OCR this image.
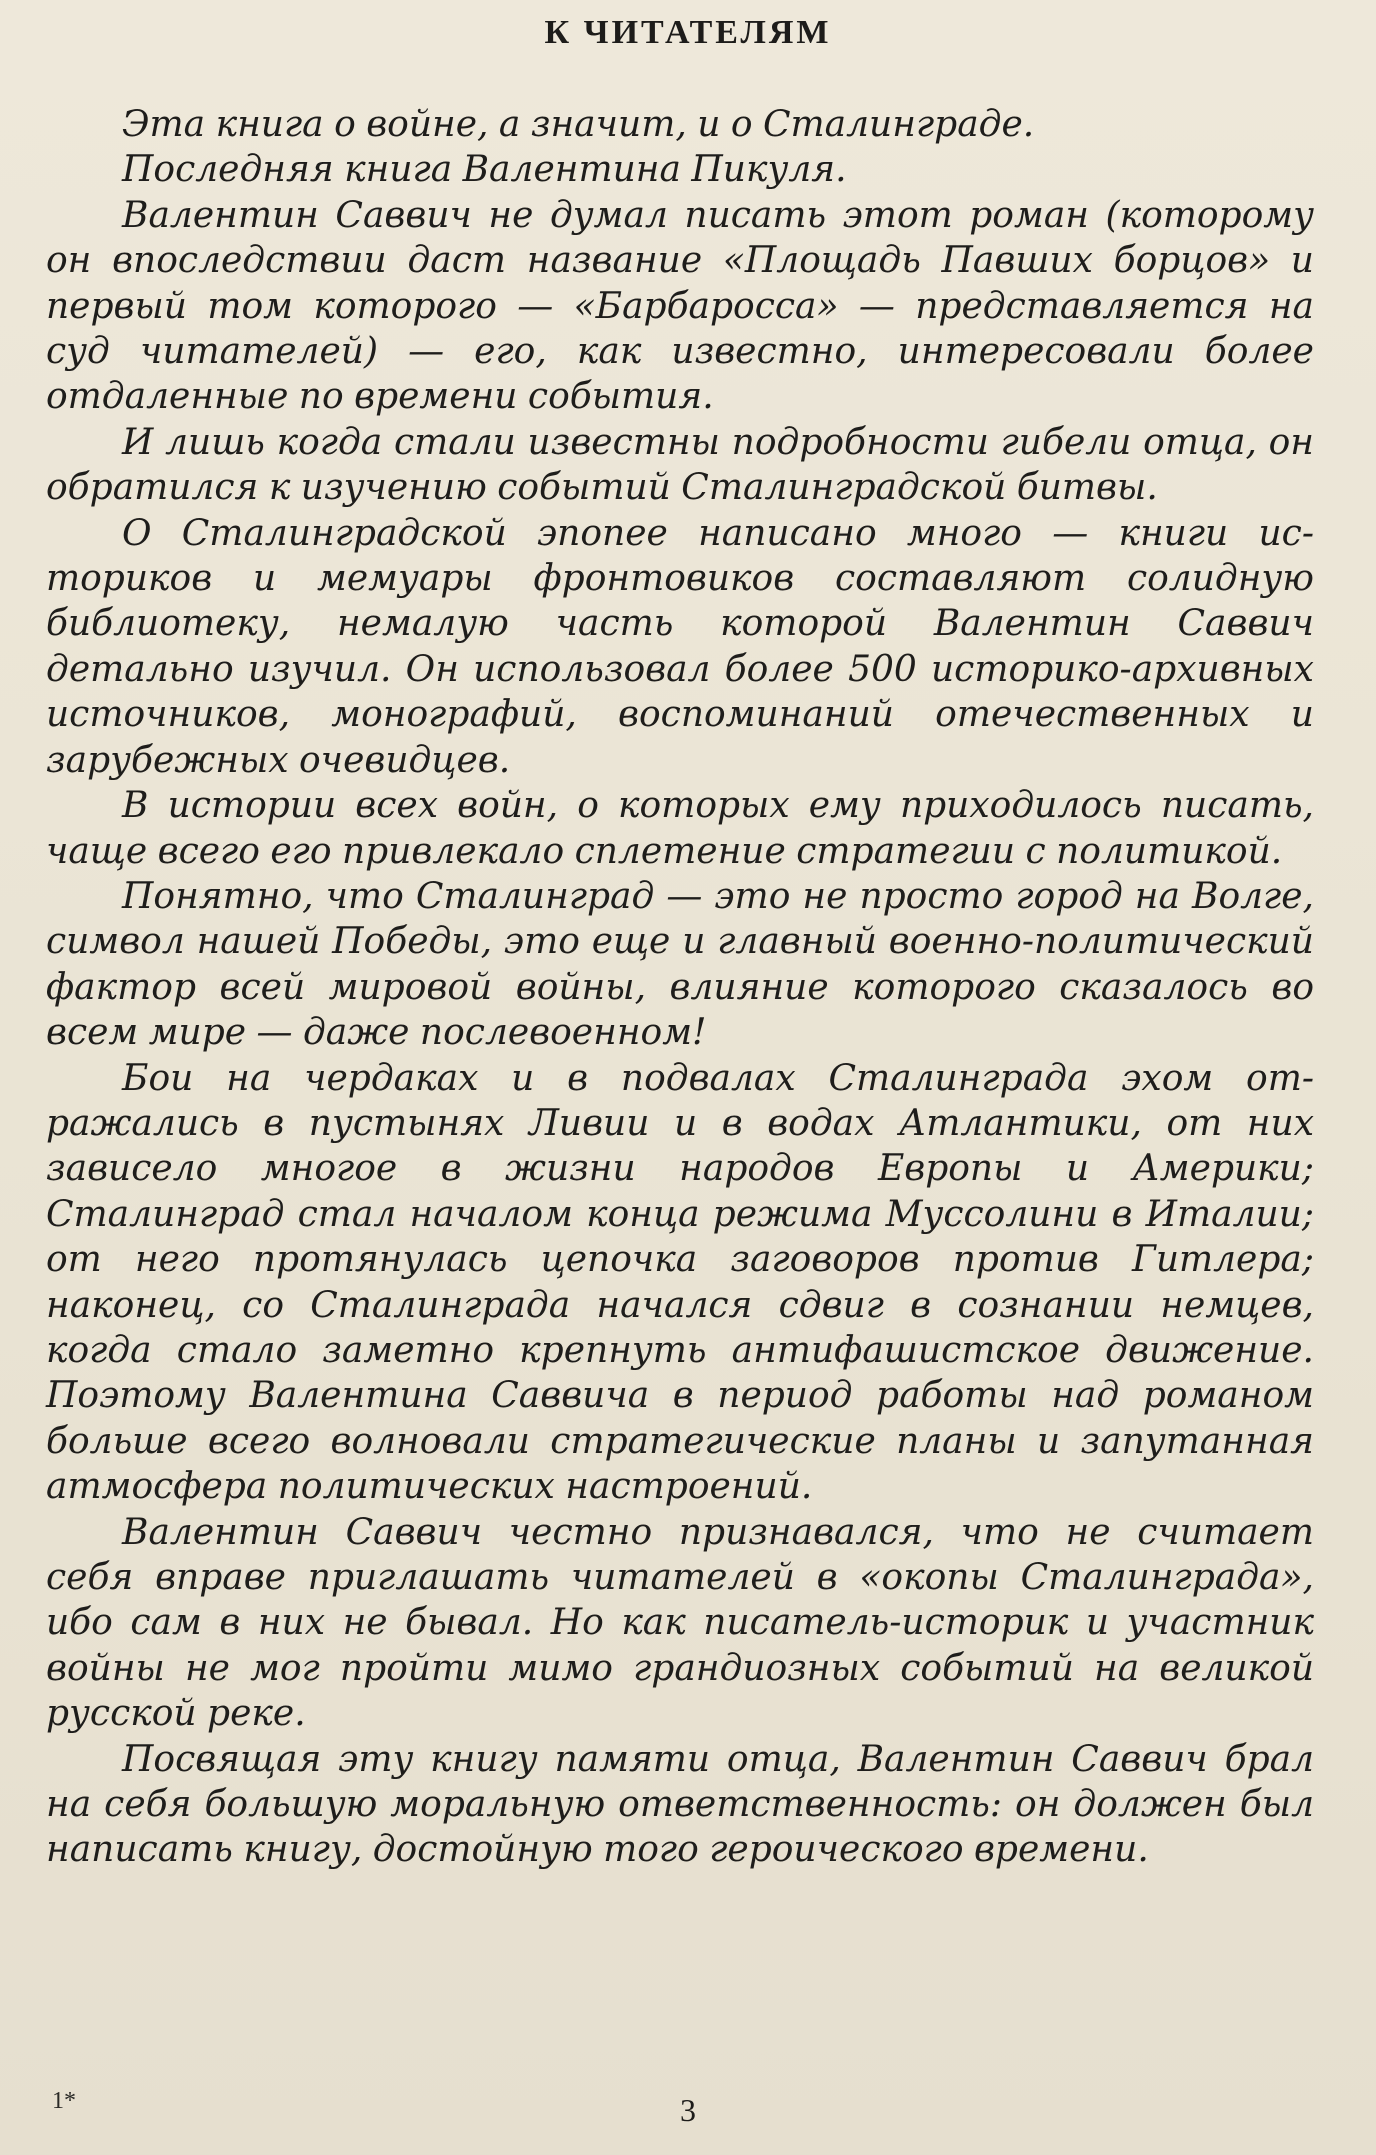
К ЧИТАТЕЛЯМ

Эта книга о войне, а значит, и о Сталинграде.

Последняя книга Валентина Пикуля.

Валентин Саввич не думал писать этот роман (которому он впоследствии даст название «Площадь Павших борцов» и первый том которого — «Барбаросса» — представляется на суд читателей) — его, как известно, интересовали более отдаленные по времени события.

И лишь когда стали известны подробности гибели отца, он обратился к изучению событий Сталинградской битвы.

О Сталинградской эпопее написано много — книги историков и мемуары фронтовиков составляют солидную библиотеку, немалую часть которой Валентин Саввич детально изучил. Он использовал более 500 историко-архивных источников, монографий, воспоминаний отечественных и зарубежных очевидцев.

В истории всех войн, о которых ему приходилось писать, чаще всего его привлекало сплетение стратегии с политикой.

Понятно, что Сталинград — это не просто город на Волге, символ нашей Победы, это еще и главный военно-политический фактор всей мировой войны, влияние которого сказалось во всем мире — даже послевоенном!

Бои на чердаках и в подвалах Сталинграда эхом отражались в пустынях Ливии и в водах Атлантики, от них зависело многое в жизни народов Европы и Америки; Сталинград стал началом конца режима Муссолини в Италии; от него протянулась цепочка заговоров против Гитлера; наконец, со Сталинграда начался сдвиг в сознании немцев, когда стало заметно крепнуть антифашистское движение. Поэтому Валентина Саввича в период работы над романом больше всего волновали стратегические планы и запутанная атмосфера политических настроений.

Валентин Саввич честно признавался, что не считает себя вправе приглашать читателей в «окопы Сталинграда», ибо сам в них не бывал. Но как писатель-историк и участник войны не мог пройти мимо грандиозных событий на великой русской реке.

Посвящая эту книгу памяти отца, Валентин Саввич брал на себя большую моральную ответственность: он должен был написать книгу, достойную того героического времени.

1*	3
